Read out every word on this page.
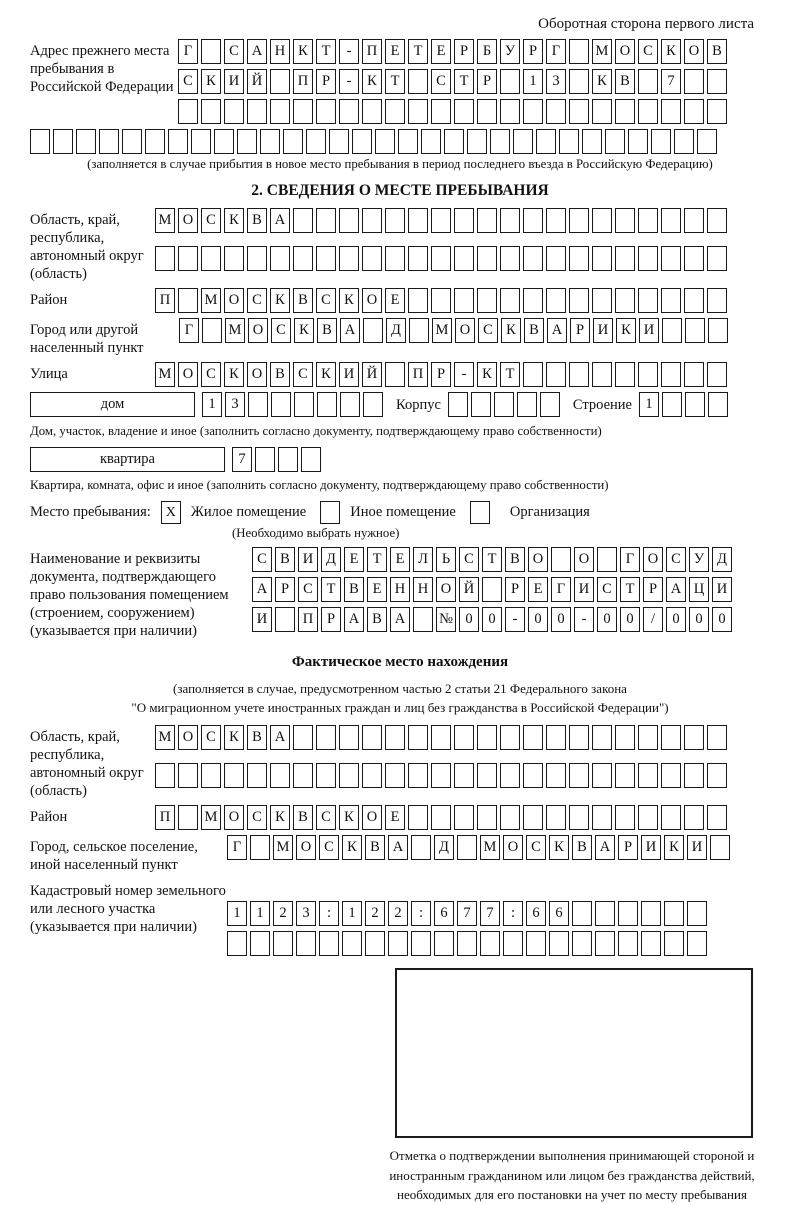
Оборотная сторона первого листа
Адрес прежнего места пребывания в Российской Федерации
Г	С А Н К Т	-	П Е Т Е	Р	Б У Р	Г	М О С К О В
С К И Й	П Р	-	К Т	С Т	Р	1	3	К В	7
(заполняется в случае прибытия в новое место пребывания в период последнего въезда в Российскую Федерацию)
2. СВЕДЕНИЯ О МЕСТЕ ПРЕБЫВАНИЯ
Область, край, республика, автономный округ (область)
М О С К В А
Район	П	М О С К В С К О Е
Город или другой населенный пункт
Г	М О С К В А	Д	М О С К В А Р И К И
Улица	М О С К О В С К И Й	П Р	-	К Т
дом	1	3	Корпус	Строение 1
Дом, участок, владение и иное (заполнить согласно документу, подтверждающему право собственности)
квартира	7
Квартира, комната, офис и иное (заполнить согласно документу, подтверждающему право собственности)
Место пребывания:	X	Жилое помещение	Иное помещение	Организация
(Необходимо выбрать нужное)
Наименование и реквизиты документа, подтверждающего право пользования помещением (строением, сооружением) (указывается при наличии)
С В И Д Е Т Е Л Ь С Т В О	О	Г О С У Д
А Р С Т В Е Н Н О Й	Р	Е Г И С Т	Р А Ц И
И	П Р А В А	№ 0	0	-	0	0	-	0	0	/	0	0	0
Фактическое место нахождения
(заполняется в случае, предусмотренном частью 2 статьи 21 Федерального закона
"О миграционном учете иностранных граждан и лиц без гражданства в Российской Федерации")
Область, край, республика, автономный округ (область)
М О С К В А
Район	П	М О С К В С К О Е
Город, сельское поселение, иной населенный пункт
Г	М О С К В А	Д	М О С К В А Р И К И
Кадастровый номер земельного или лесного участка (указывается при наличии)
1	1	2	3	:	1	2	2	:	6	7	7	:	6	6
Отметка о подтверждении выполнения принимающей стороной и иностранным гражданином или лицом без гражданства действий, необходимых для его постановки на учет по месту пребывания
